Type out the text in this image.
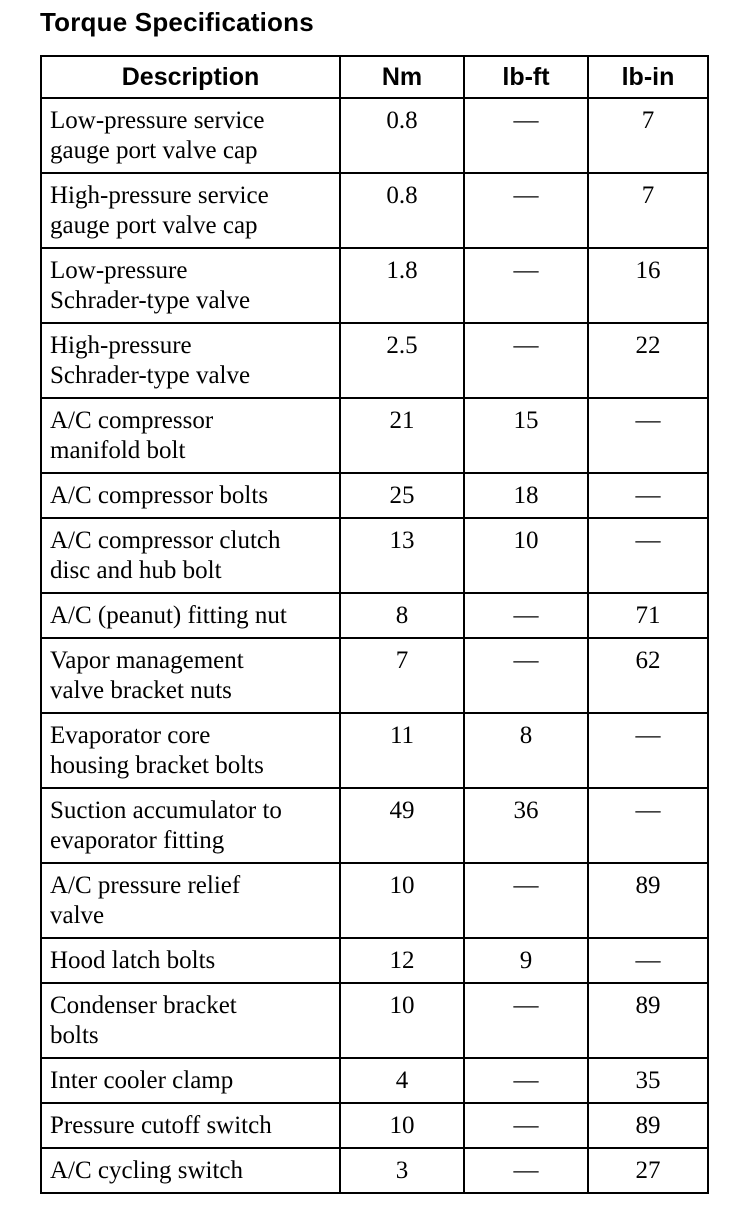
Torque Specifications
Description	Nm	lb-ft	lb-in

Low-pressure service
gauge port valve cap	0.8	—	7

High-pressure service
gauge port valve cap	0.8	—	7

Low-pressure
Schrader-type valve	1.8	—	16

High-pressure
Schrader-type valve	2.5	—	22

A/C compressor
manifold bolt	21	15	—

A/C compressor bolts	25	18	—

A/C compressor clutch
disc and hub bolt	13	10	—

A/C (peanut) fitting nut	8	—	71

Vapor management
valve bracket nuts	7	—	62

Evaporator core
housing bracket bolts	11	8	—

Suction accumulator to
evaporator fitting	49	36	—

A/C pressure relief
valve	10	—	89

Hood latch bolts	12	9	—

Condenser bracket
bolts	10	—	89

Inter cooler clamp	4	—	35

Pressure cutoff switch	10	—	89

A/C cycling switch	3	—	27
